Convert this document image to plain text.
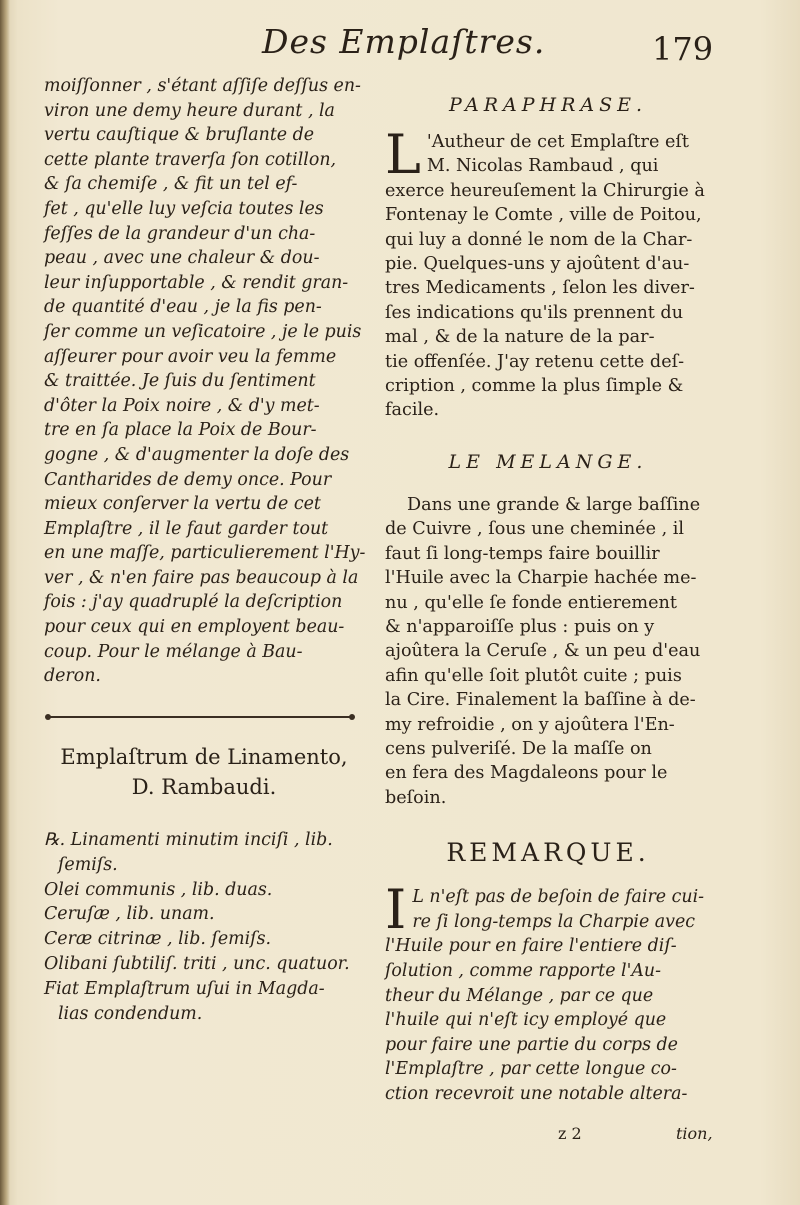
Des Emplaſtres.	179
moiſſonner , s'étant aſſiſe deſſus en-
viron une demy heure durant , la
vertu cauſtique & bruſlante de
cette plante traverſa ſon cotillon,
& ſa chemiſe , & fit un tel ef-
fet , qu'elle luy veſcia toutes les
feſſes de la grandeur d'un cha-
peau , avec une chaleur & dou-
leur inſupportable , & rendit gran-
de quantité d'eau , je la fis pen-
ſer comme un veſicatoire , je le puis
aſſeurer pour avoir veu la femme
& traittée. Je ſuis du ſentiment
d'ôter la Poix noire , & d'y met-
tre en ſa place la Poix de Bour-
gogne , & d'augmenter la doſe des
Cantharides de demy once. Pour
mieux conſerver la vertu de cet
Emplaſtre , il le faut garder tout
en une maſſe, particulierement l'Hy-
ver , & n'en faire pas beaucoup à la
fois : j'ay quadruplé la deſcription
pour ceux qui en employent beau-
coup. Pour le mélange à Bau-
deron.
Emplaſtrum de Linamento,
D. Rambaudi.
℞. Linamenti minutim inciſi , lib.
ſemiſs.
Olei communis , lib. duas.
Ceruſæ , lib. unam.
Ceræ citrinæ , lib. ſemiſs.
Olibani ſubtiliſ. triti , unc. quatuor.
Fiat Emplaſtrum uſui in Magda-
lias condendum.
PARAPHRASE.
L 'Autheur de cet Emplaſtre eſt
M. Nicolas Rambaud , qui
exerce heureuſement la Chirurgie à
Fontenay le Comte , ville de Poitou,
qui luy a donné le nom de la Char-
pie. Quelques-uns y ajoûtent d'au-
tres Medicaments , ſelon les diver-
ſes indications qu'ils prennent du
mal , & de la nature de la par-
tie offenſée. J'ay retenu cette deſ-
cription , comme la plus ſimple &
facile.
LE MELANGE.
Dans une grande & large baſſine
de Cuivre , ſous une cheminée , il
faut ſi long-temps faire bouillir
l'Huile avec la Charpie hachée me-
nu , qu'elle ſe fonde entierement
& n'apparoiſſe plus : puis on y
ajoûtera la Ceruſe , & un peu d'eau
afin qu'elle ſoit plutôt cuite ; puis
la Cire. Finalement la baſſine à de-
my refroidie , on y ajoûtera l'En-
cens pulveriſé. De la maſſe on
en fera des Magdaleons pour le
beſoin.
REMARQUE.
I L n'eſt pas de beſoin de faire cui-
re ſi long-temps la Charpie avec
l'Huile pour en faire l'entiere diſ-
ſolution , comme rapporte l'Au-
theur du Mélange , par ce que
l'huile qui n'eſt icy employé que
pour faire une partie du corps de
l'Emplaſtre , par cette longue co-
ction recevroit une notable altera-
z 2	tion,
